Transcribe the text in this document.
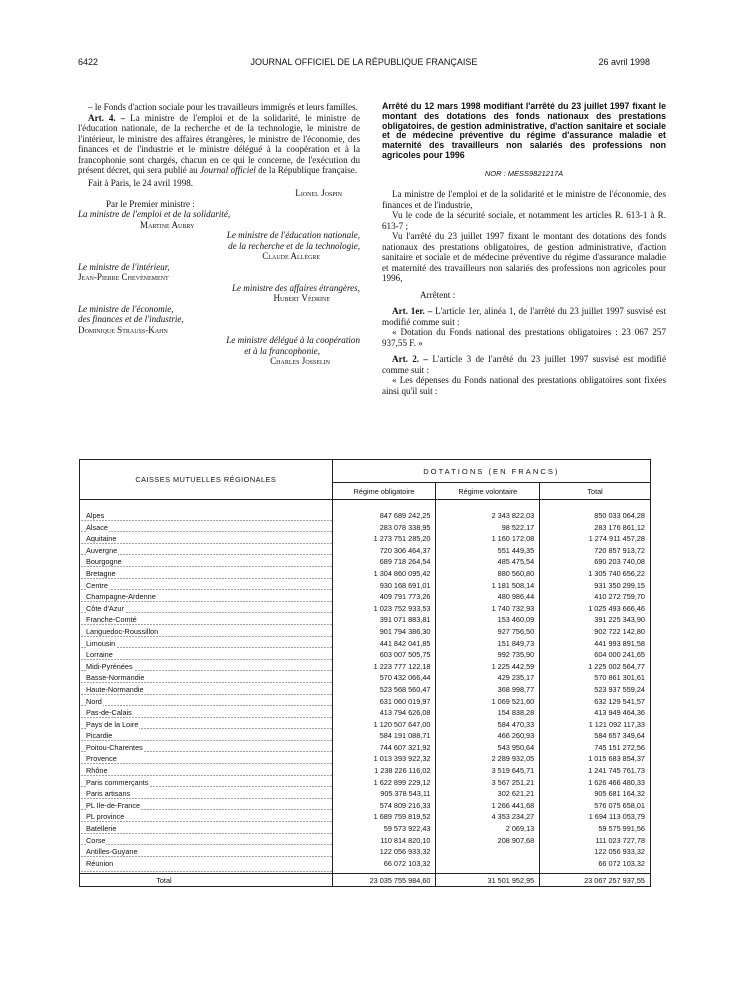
6422	JOURNAL OFFICIEL DE LA RÉPUBLIQUE FRANÇAISE	26 avril 1998

– le Fonds d'action sociale pour les travailleurs immigrés et leurs familles.

Art. 4. – La ministre de l'emploi et de la solidarité, le ministre de l'éducation nationale, de la recherche et de la technologie, le ministre de l'intérieur, le ministre des affaires étrangères, le ministre de l'économie, des finances et de l'industrie et le ministre délégué à la coopération et à la francophonie sont chargés, chacun en ce qui le concerne, de l'exécution du présent décret, qui sera publié au Journal officiel de la République française.

Fait à Paris, le 24 avril 1998.

Lionel Jospin

Par le Premier ministre :

La ministre de l'emploi et de la solidarité,

Martine Aubry

Le ministre de l'éducation nationale,

de la recherche et de la technologie,

Claude Allègre

Le ministre de l'intérieur,

Jean-Pierre Chevènement

Le ministre des affaires étrangères,

Hubert Védrine

Le ministre de l'économie,

des finances et de l'industrie,

Dominique Strauss-Kahn

Le ministre délégué à la coopération

et à la francophonie,

Charles Josselin

Arrêté du 12 mars 1998 modifiant l'arrêté du 23 juillet 1997 fixant le montant des dotations des fonds nationaux des prestations obligatoires, de gestion administrative, d'action sanitaire et sociale et de médecine préventive du régime d'assurance maladie et maternité des travailleurs non salariés des professions non agricoles pour 1996

NOR : MESS9821217A

La ministre de l'emploi et de la solidarité et le ministre de l'économie, des finances et de l'industrie,

Vu le code de la sécurité sociale, et notamment les articles R. 613-1 à R. 613-7 ;

Vu l'arrêté du 23 juillet 1997 fixant le montant des dotations des fonds nationaux des prestations obligatoires, de gestion administrative, d'action sanitaire et sociale et de médecine préventive du régime d'assurance maladie et maternité des travailleurs non salariés des professions non agricoles pour 1996,

Arrêtent :

Art. 1er. – L'article 1er, alinéa 1, de l'arrêté du 23 juillet 1997 susvisé est modifié comme suit :

« Dotation du Fonds national des prestations obligatoires : 23 067 257 937,55 F. »

Art. 2. – L'article 3 de l'arrêté du 23 juillet 1997 susvisé est modifié comme suit :

« Les dépenses du Fonds national des prestations obligatoires sont fixées ainsi qu'il suit :

CAISSES MUTUELLES RÉGIONALES	DOTATIONS (EN FRANCS)		
	Régime obligatoire	Régime volontaire	Total
Alpes	847 689 242,25	2 343 822,03	850 033 064,28
Alsace	283 078 338,95	98 522,17	283 176 861,12
Aquitaine	1 273 751 285,20	1 160 172,08	1 274 911 457,28
Auvergne	720 306 464,37	551 449,35	720 857 913,72
Bourgogne	689 718 264,54	485 475,54	690 203 740,08
Bretagne	1 304 860 095,42	880 560,80	1 305 740 656,22
Centre	930 168 691,01	1 181 508,14	931 350 299,15
Champagne-Ardenne	409 791 773,26	480 986,44	410 272 759,70
Côte d'Azur	1 023 752 933,53	1 740 732,93	1 025 493 666,46
Franche-Comté	391 071 883,81	153 460,09	391 225 343,90
Languedoc-Roussillon	901 794 386,30	927 756,50	902 722 142,80
Limousin	441 842 041,85	151 849,73	441 993 891,58
Lorraine	603 007 505,75	992 735,90	604 000 241,65
Midi-Pyrénées	1 223 777 122,18	1 225 442,59	1 225 002 564,77
Basse-Normandie	570 432 066,44	429 235,17	570 861 301,61
Haute-Normandie	523 568 560,47	368 998,77	523 937 559,24
Nord	631 060 019,97	1 069 521,60	632 129 541,57
Pas-de-Calais	413 794 626,08	154 838,28	413 949 464,36
Pays de la Loire	1 120 507 647,00	584 470,33	1 121 092 117,33
Picardie	584 191 088,71	466 260,93	584 657 349,64
Poitou-Charentes	744 607 321,92	543 950,64	745 151 272,56
Provence	1 013 393 922,32	2 289 932,05	1 015 683 854,37
Rhône	1 238 226 116,02	3 519 645,71	1 241 745 761,73
Paris commerçants	1 622 899 229,12	3 567 251,21	1 626 466 480,33
Paris artisans	905 378 543,11	302 621,21	905 681 164,32
PL Ile-de-France	574 809 216,33	1 266 441,68	576 075 658,01
PL province	1 689 759 819,52	4 353 234,27	1 694 113 053,79
Batellerie	59 573 922,43	2 069,13	59 575 991,56
Corse	110 814 820,10	208 907,68	111 023 727,78
Antilles-Guyane	122 056 933,32		122 056 933,32
Réunion	66 072 103,32		66 072 103,32
Total	23 035 755 984,60	31 501 952,95	23 067 257 937,55
